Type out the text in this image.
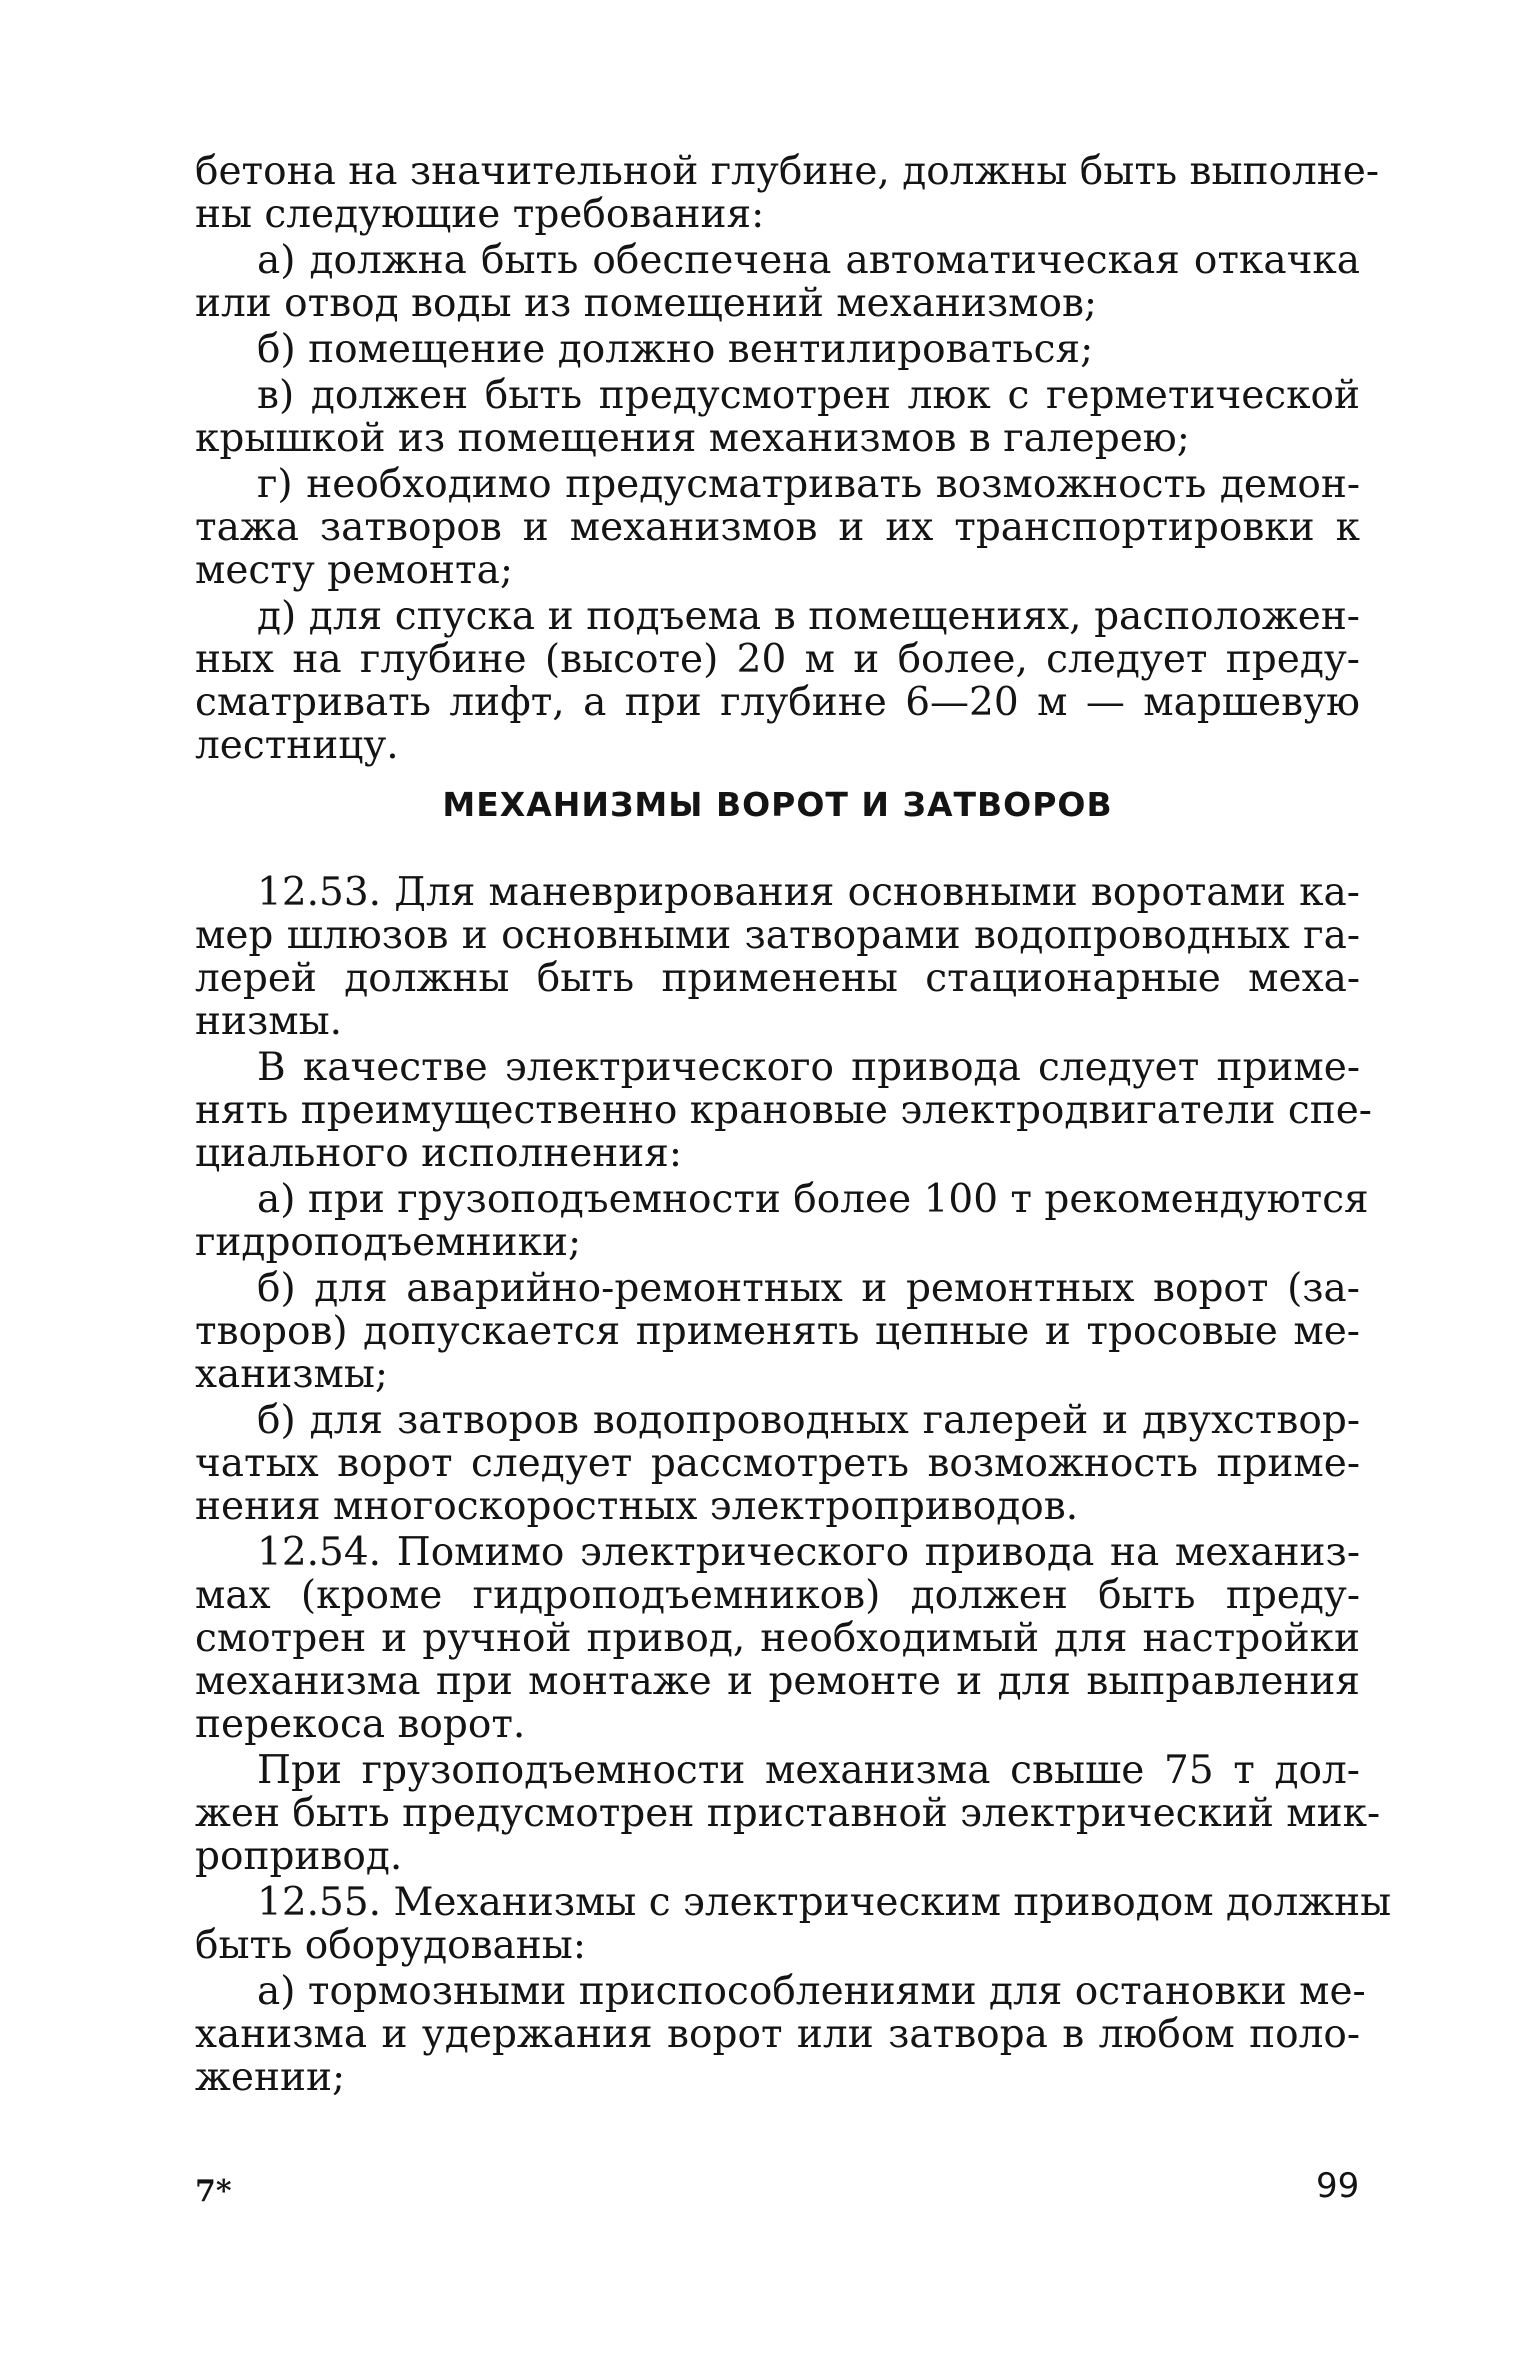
бетона на значительной глубине, должны быть выполне-
ны следующие требования:
а) должна быть обеспечена автоматическая откачка
или отвод воды из помещений механизмов;
б) помещение должно вентилироваться;
в) должен быть предусмотрен люк с герметической
крышкой из помещения механизмов в галерею;
г) необходимо предусматривать возможность демон-
тажа затворов и механизмов и их транспортировки к
месту ремонта;
д) для спуска и подъема в помещениях, расположен-
ных на глубине (высоте) 20 м и более, следует преду-
сматривать лифт, а при глубине 6—20 м — маршевую
лестницу.
МЕХАНИЗМЫ ВОРОТ И ЗАТВОРОВ
12.53. Для маневрирования основными воротами ка-
мер шлюзов и основными затворами водопроводных га-
лерей должны быть применены стационарные меха-
низмы.
В качестве электрического привода следует приме-
нять преимущественно крановые электродвигатели спе-
циального исполнения:
а) при грузоподъемности более 100 т рекомендуются
гидроподъемники;
б) для аварийно-ремонтных и ремонтных ворот (за-
творов) допускается применять цепные и тросовые ме-
ханизмы;
б) для затворов водопроводных галерей и двухствор-
чатых ворот следует рассмотреть возможность приме-
нения многоскоростных электроприводов.
12.54. Помимо электрического привода на механиз-
мах (кроме гидроподъемников) должен быть преду-
смотрен и ручной привод, необходимый для настройки
механизма при монтаже и ремонте и для выправления
перекоса ворот.
При грузоподъемности механизма свыше 75 т дол-
жен быть предусмотрен приставной электрический мик-
ропривод.
12.55. Механизмы с электрическим приводом должны
быть оборудованы:
а) тормозными приспособлениями для остановки ме-
ханизма и удержания ворот или затвора в любом поло-
жении;
7*	99
